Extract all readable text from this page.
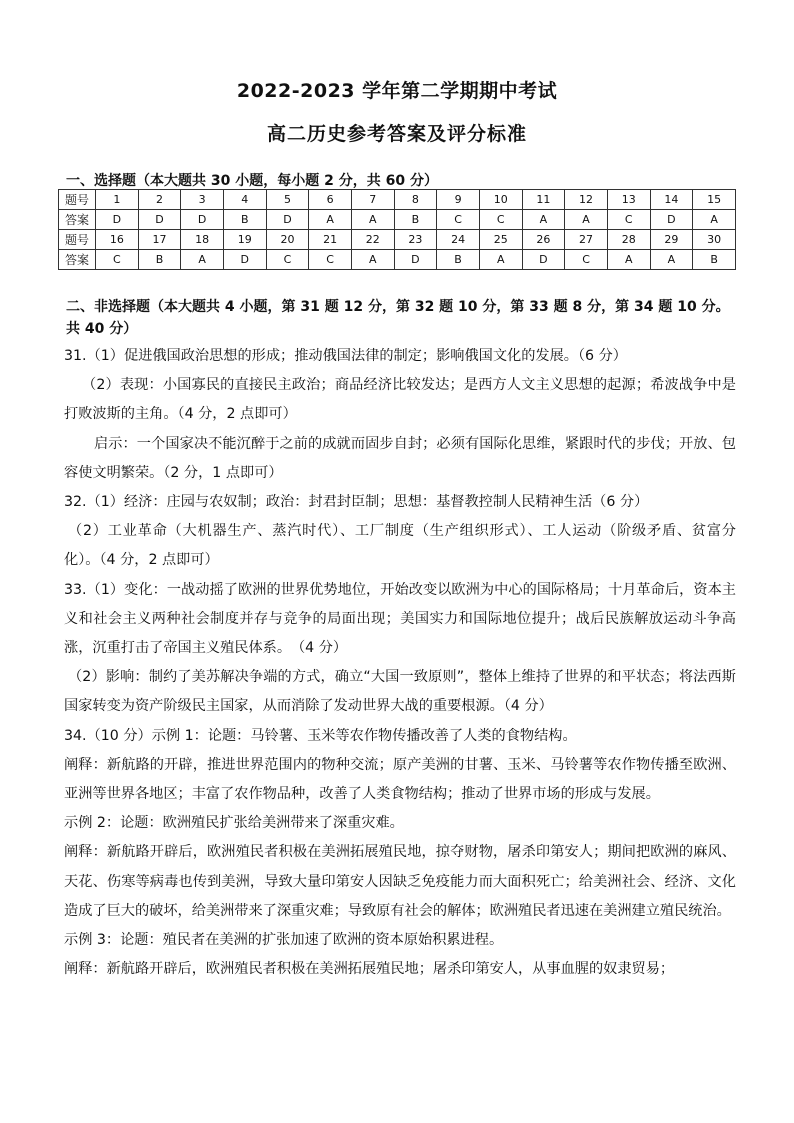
2022-2023 学年第二学期期中考试
高二历史参考答案及评分标准
一、选择题（本大题共 30 小题，每小题 2 分，共 60 分）
题号	1	2	3	4	5	6	7	8	9	10	11	12	13	14	15
答案	D	D	D	B	D	A	A	B	C	C	A	A	C	D	A
题号	16	17	18	19	20	21	22	23	24	25	26	27	28	29	30
答案	C	B	A	D	C	C	A	D	B	A	D	C	A	A	B
二、非选择题（本大题共 4 小题，第 31 题 12 分，第 32 题 10 分，第 33 题 8 分，第 34 题 10 分。共 40 分）

31.（1）促进俄国政治思想的形成；推动俄国法律的制定；影响俄国文化的发展。（6 分）

（2）表现：小国寡民的直接民主政治；商品经济比较发达；是西方人文主义思想的起源；希波战争中是打败波斯的主角。（4 分，2 点即可）

启示：一个国家决不能沉醉于之前的成就而固步自封；必须有国际化思维，紧跟时代的步伐；开放、包容使文明繁荣。（2 分，1 点即可）

32.（1）经济：庄园与农奴制；政治：封君封臣制；思想：基督教控制人民精神生活（6 分）

（2）工业革命（大机器生产、蒸汽时代）、工厂制度（生产组织形式）、工人运动（阶级矛盾、贫富分化）。（4 分，2 点即可）

33.（1）变化：一战动摇了欧洲的世界优势地位，开始改变以欧洲为中心的国际格局；十月革命后，资本主义和社会主义两种社会制度并存与竞争的局面出现；美国实力和国际地位提升；战后民族解放运动斗争高涨，沉重打击了帝国主义殖民体系。　（4 分）

（2）影响：制约了美苏解决争端的方式，确立“大国一致原则”，整体上维持了世界的和平状态；将法西斯国家转变为资产阶级民主国家，从而消除了发动世界大战的重要根源。（4 分）

34.（10 分）示例 1：论题：马铃薯、玉米等农作物传播改善了人类的食物结构。

阐释：新航路的开辟，推进世界范围内的物种交流；原产美洲的甘薯、玉米、马铃薯等农作物传播至欧洲、亚洲等世界各地区；丰富了农作物品种，改善了人类食物结构；推动了世界市场的形成与发展。

示例 2：论题：欧洲殖民扩张给美洲带来了深重灾难。

阐释：新航路开辟后，欧洲殖民者积极在美洲拓展殖民地，掠夺财物，屠杀印第安人；期间把欧洲的麻风、天花、伤寒等病毒也传到美洲，导致大量印第安人因缺乏免疫能力而大面积死亡；给美洲社会、经济、文化造成了巨大的破坏，给美洲带来了深重灾难；导致原有社会的解体；欧洲殖民者迅速在美洲建立殖民统治。

示例 3：论题：殖民者在美洲的扩张加速了欧洲的资本原始积累进程。

阐释：新航路开辟后，欧洲殖民者积极在美洲拓展殖民地；屠杀印第安人，从事血腥的奴隶贸易；
